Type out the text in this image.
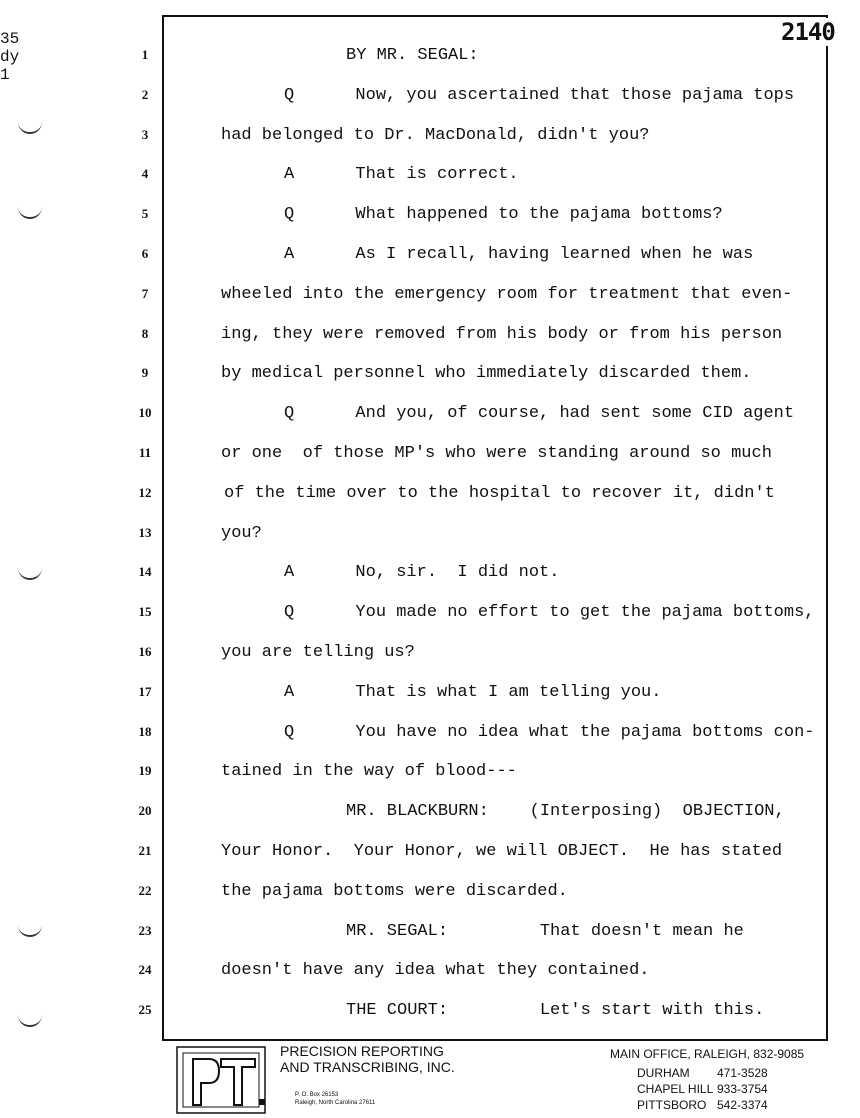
35
dy
1
2140
1	BY MR. SEGAL:
2	Q      Now, you ascertained that those pajama tops
3	had belonged to Dr. MacDonald, didn't you?
4	A      That is correct.
5	Q      What happened to the pajama bottoms?
6	A      As I recall, having learned when he was
7	wheeled into the emergency room for treatment that even-
8	ing, they were removed from his body or from his person
9	by medical personnel who immediately discarded them.
10	Q      And you, of course, had sent some CID agent
11	or one  of those MP's who were standing around so much
12	of the time over to the hospital to recover it, didn't
13	you?
14	A      No, sir.  I did not.
15	Q      You made no effort to get the pajama bottoms,
16	you are telling us?
17	A      That is what I am telling you.
18	Q      You have no idea what the pajama bottoms con-
19	tained in the way of blood---
20	MR. BLACKBURN:    (Interposing)  OBJECTION,
21	Your Honor.  Your Honor, we will OBJECT.  He has stated
22	the pajama bottoms were discarded.
23	MR. SEGAL:         That doesn't mean he
24	doesn't have any idea what they contained.
25	THE COURT:         Let's start with this.
PRECISION REPORTING
AND TRANSCRIBING, INC.
P. O. Box 26153
Raleigh, North Carolina 27611
MAIN OFFICE, RALEIGH, 832-9085
DURHAM	471-3528
CHAPEL HILL 933-3754
PITTSBORO 542-3374
